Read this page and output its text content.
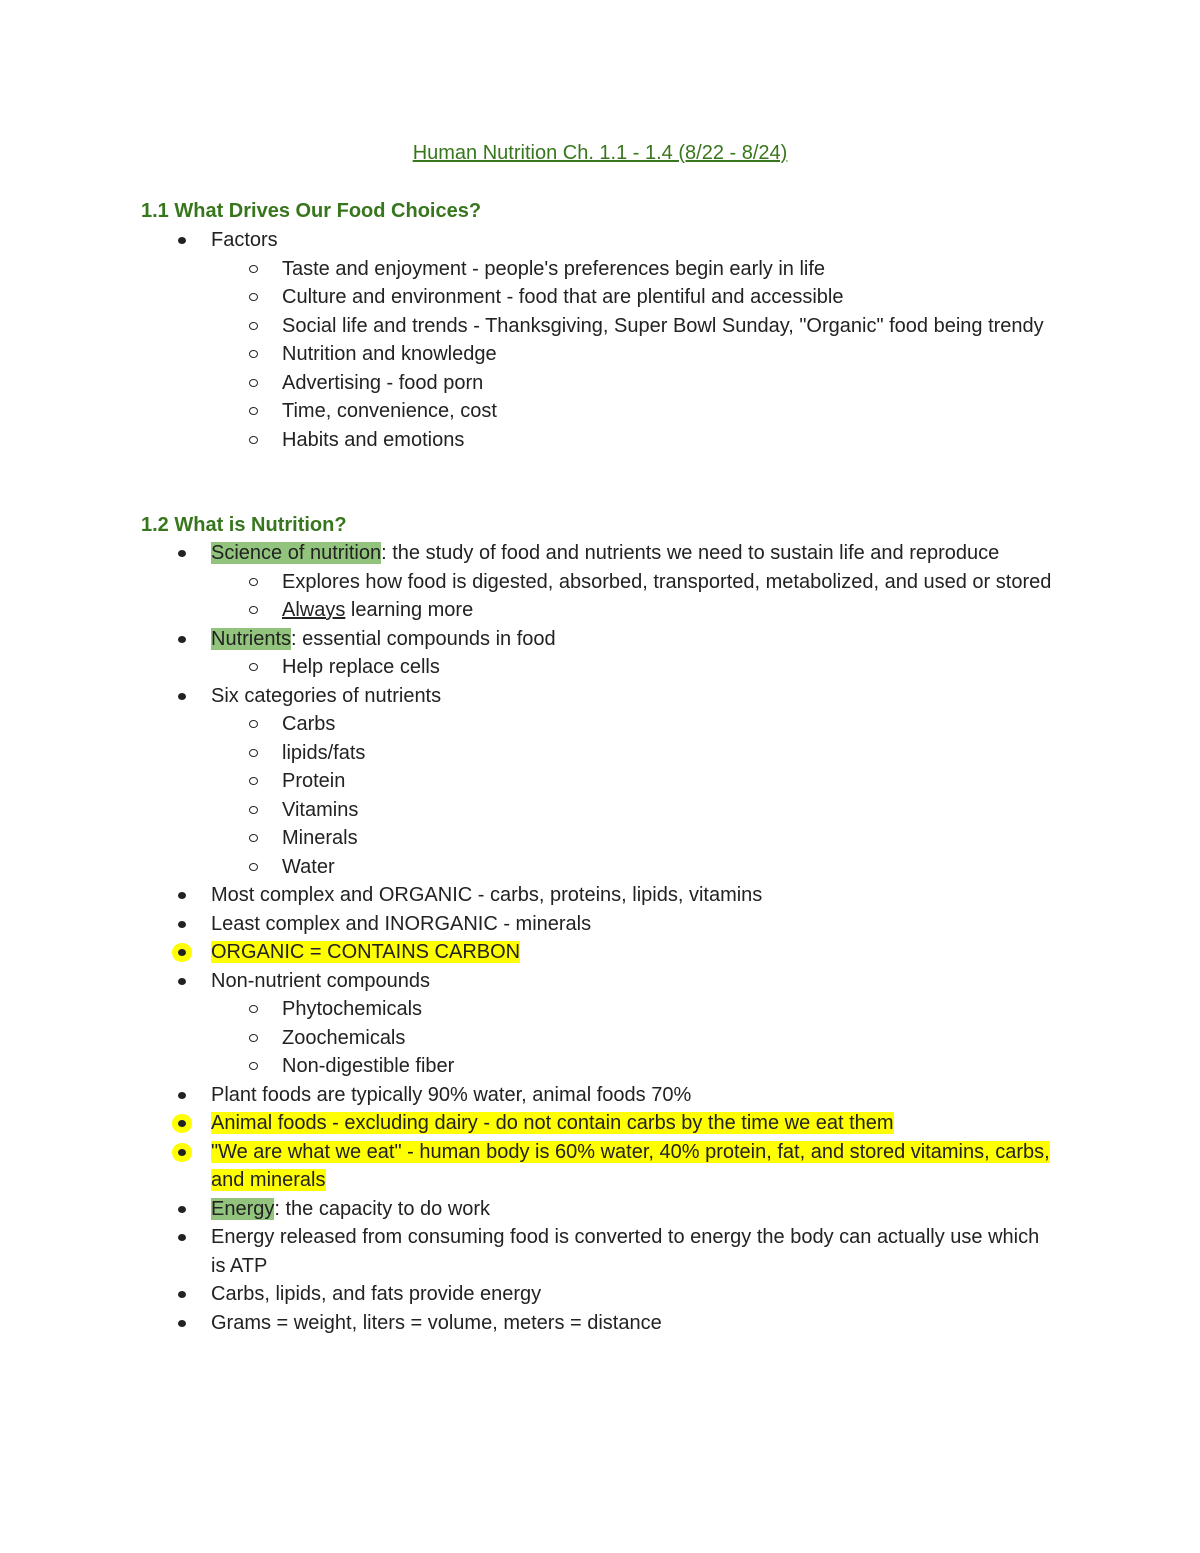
Human Nutrition Ch. 1.1 - 1.4 (8/22 - 8/24)
1.1 What Drives Our Food Choices?
Factors
Taste and enjoyment - people's preferences begin early in life
Culture and environment - food that are plentiful and accessible
Social life and trends - Thanksgiving, Super Bowl Sunday, "Organic" food being trendy
Nutrition and knowledge
Advertising - food porn
Time, convenience, cost
Habits and emotions
1.2 What is Nutrition?
Science of nutrition: the study of food and nutrients we need to sustain life and reproduce
Explores how food is digested, absorbed, transported, metabolized, and used or stored
Always learning more
Nutrients: essential compounds in food
Help replace cells
Six categories of nutrients
Carbs
lipids/fats
Protein
Vitamins
Minerals
Water
Most complex and ORGANIC - carbs, proteins, lipids, vitamins
Least complex and INORGANIC - minerals
ORGANIC = CONTAINS CARBON
Non-nutrient compounds
Phytochemicals
Zoochemicals
Non-digestible fiber
Plant foods are typically 90% water, animal foods 70%
Animal foods - excluding dairy - do not contain carbs by the time we eat them
"We are what we eat" - human body is 60% water, 40% protein, fat, and stored vitamins, carbs, and minerals
Energy: the capacity to do work
Energy released from consuming food is converted to energy the body can actually use which is ATP
Carbs, lipids, and fats provide energy
Grams = weight, liters = volume, meters = distance
